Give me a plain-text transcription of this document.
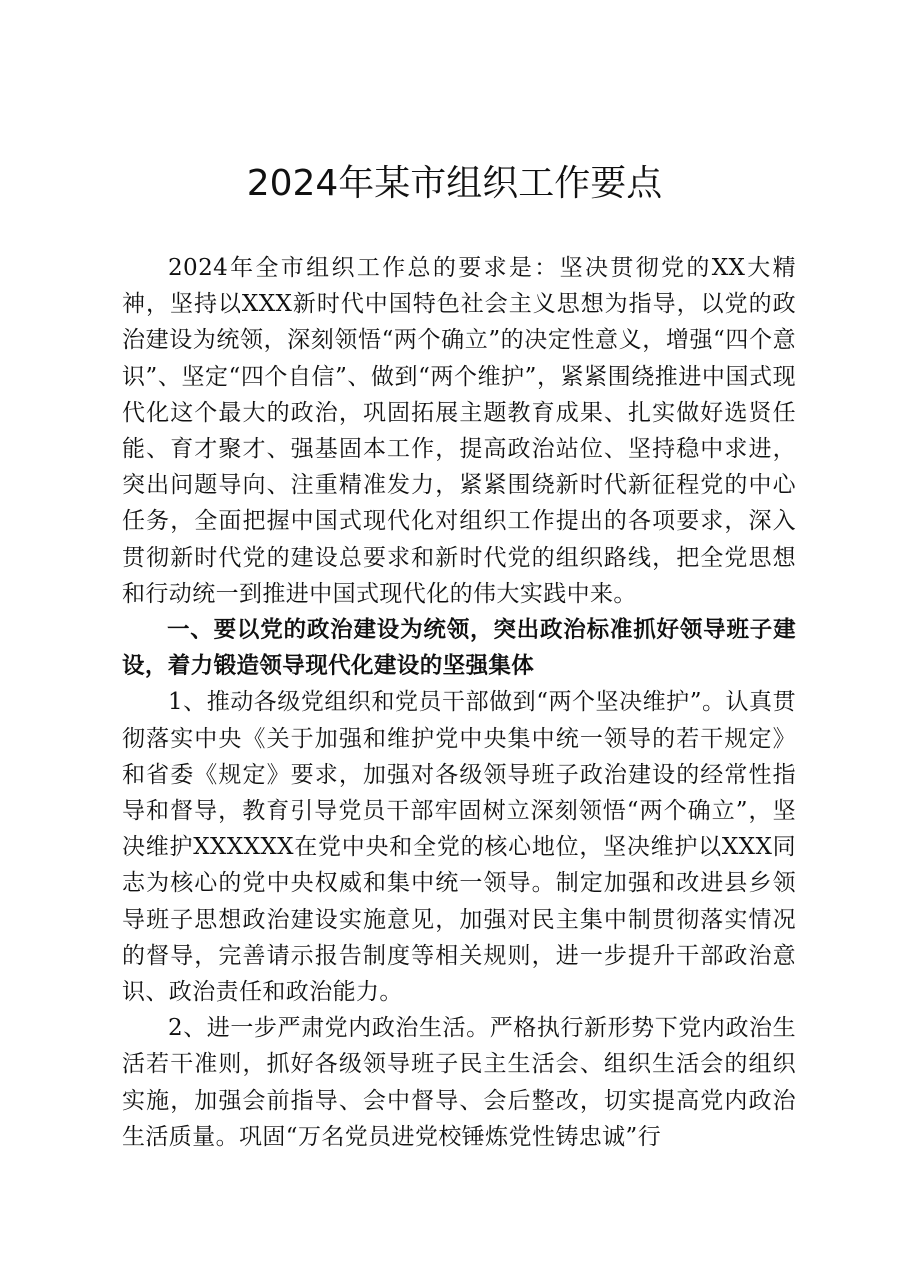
2024年某市组织工作要点

2024年全市组织工作总的要求是：坚决贯彻党的XX大精神，坚持以XXX新时代中国特色社会主义思想为指导，以党的政治建设为统领，深刻领悟“两个确立”的决定性意义，增强“四个意识”、坚定“四个自信”、做到“两个维护”，紧紧围绕推进中国式现代化这个最大的政治，巩固拓展主题教育成果、扎实做好选贤任能、育才聚才、强基固本工作，提高政治站位、坚持稳中求进，突出问题导向、注重精准发力，紧紧围绕新时代新征程党的中心任务，全面把握中国式现代化对组织工作提出的各项要求，深入贯彻新时代党的建设总要求和新时代党的组织路线，把全党思想和行动统一到推进中国式现代化的伟大实践中来。

一、要以党的政治建设为统领，突出政治标准抓好领导班子建设，着力锻造领导现代化建设的坚强集体

1、推动各级党组织和党员干部做到“两个坚决维护”。认真贯彻落实中央《关于加强和维护党中央集中统一领导的若干规定》和省委《规定》要求，加强对各级领导班子政治建设的经常性指导和督导，教育引导党员干部牢固树立深刻领悟“两个确立”，坚决维护XXXXXX在党中央和全党的核心地位，坚决维护以XXX同志为核心的党中央权威和集中统一领导。制定加强和改进县乡领导班子思想政治建设实施意见，加强对民主集中制贯彻落实情况的督导，完善请示报告制度等相关规则，进一步提升干部政治意识、政治责任和政治能力。

2、进一步严肃党内政治生活。严格执行新形势下党内政治生活若干准则，抓好各级领导班子民主生活会、组织生活会的组织实施，加强会前指导、会中督导、会后整改，切实提高党内政治生活质量。巩固“万名党员进党校锤炼党性铸忠诚”行
